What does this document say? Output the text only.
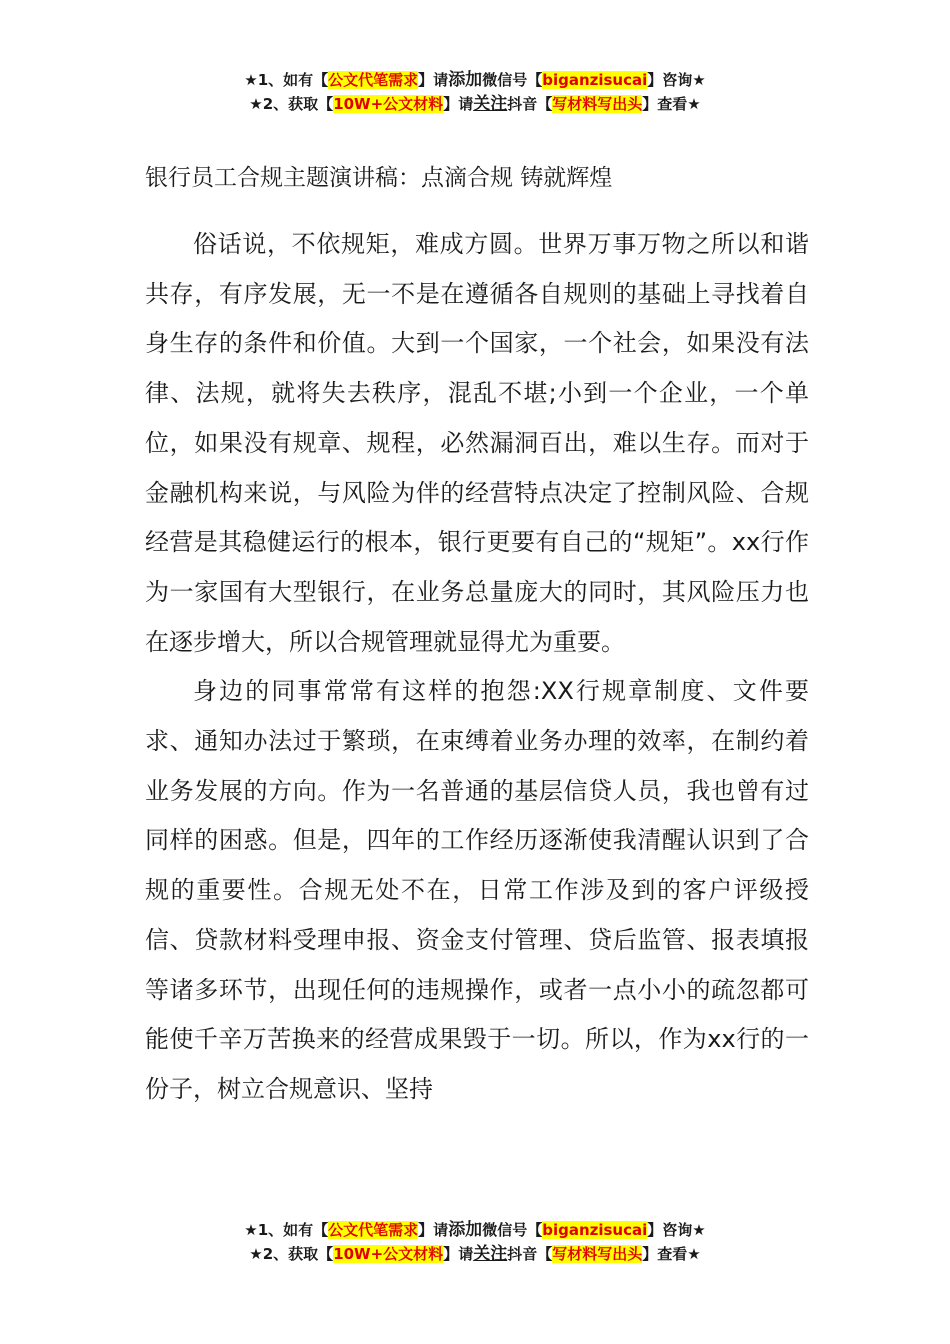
★1、如有【公文代笔需求】请添加微信号【biganzisucai】咨询★
★2、获取【10W+公文材料】请关注抖音【写材料写出头】查看★
银行员工合规主题演讲稿：点滴合规 铸就辉煌

俗话说，不依规矩，难成方圆。世界万事万物之所以和谐共存，有序发展，无一不是在遵循各自规则的基础上寻找着自身生存的条件和价值。大到一个国家，一个社会，如果没有法律、法规，就将失去秩序，混乱不堪;小到一个企业，一个单位，如果没有规章、规程，必然漏洞百出，难以生存。而对于金融机构来说，与风险为伴的经营特点决定了控制风险、合规经营是其稳健运行的根本，银行更要有自己的“规矩”。xx行作为一家国有大型银行，在业务总量庞大的同时，其风险压力也在逐步增大，所以合规管理就显得尤为重要。

身边的同事常常有这样的抱怨:XX行规章制度、文件要求、通知办法过于繁琐，在束缚着业务办理的效率，在制约着业务发展的方向。作为一名普通的基层信贷人员，我也曾有过同样的困惑。但是，四年的工作经历逐渐使我清醒认识到了合规的重要性。合规无处不在，日常工作涉及到的客户评级授信、贷款材料受理申报、资金支付管理、贷后监管、报表填报等诸多环节，出现任何的违规操作，或者一点小小的疏忽都可能使千辛万苦换来的经营成果毁于一切。所以，作为xx行的一份子，树立合规意识、坚持

★1、如有【公文代笔需求】请添加微信号【biganzisucai】咨询★
★2、获取【10W+公文材料】请关注抖音【写材料写出头】查看★
